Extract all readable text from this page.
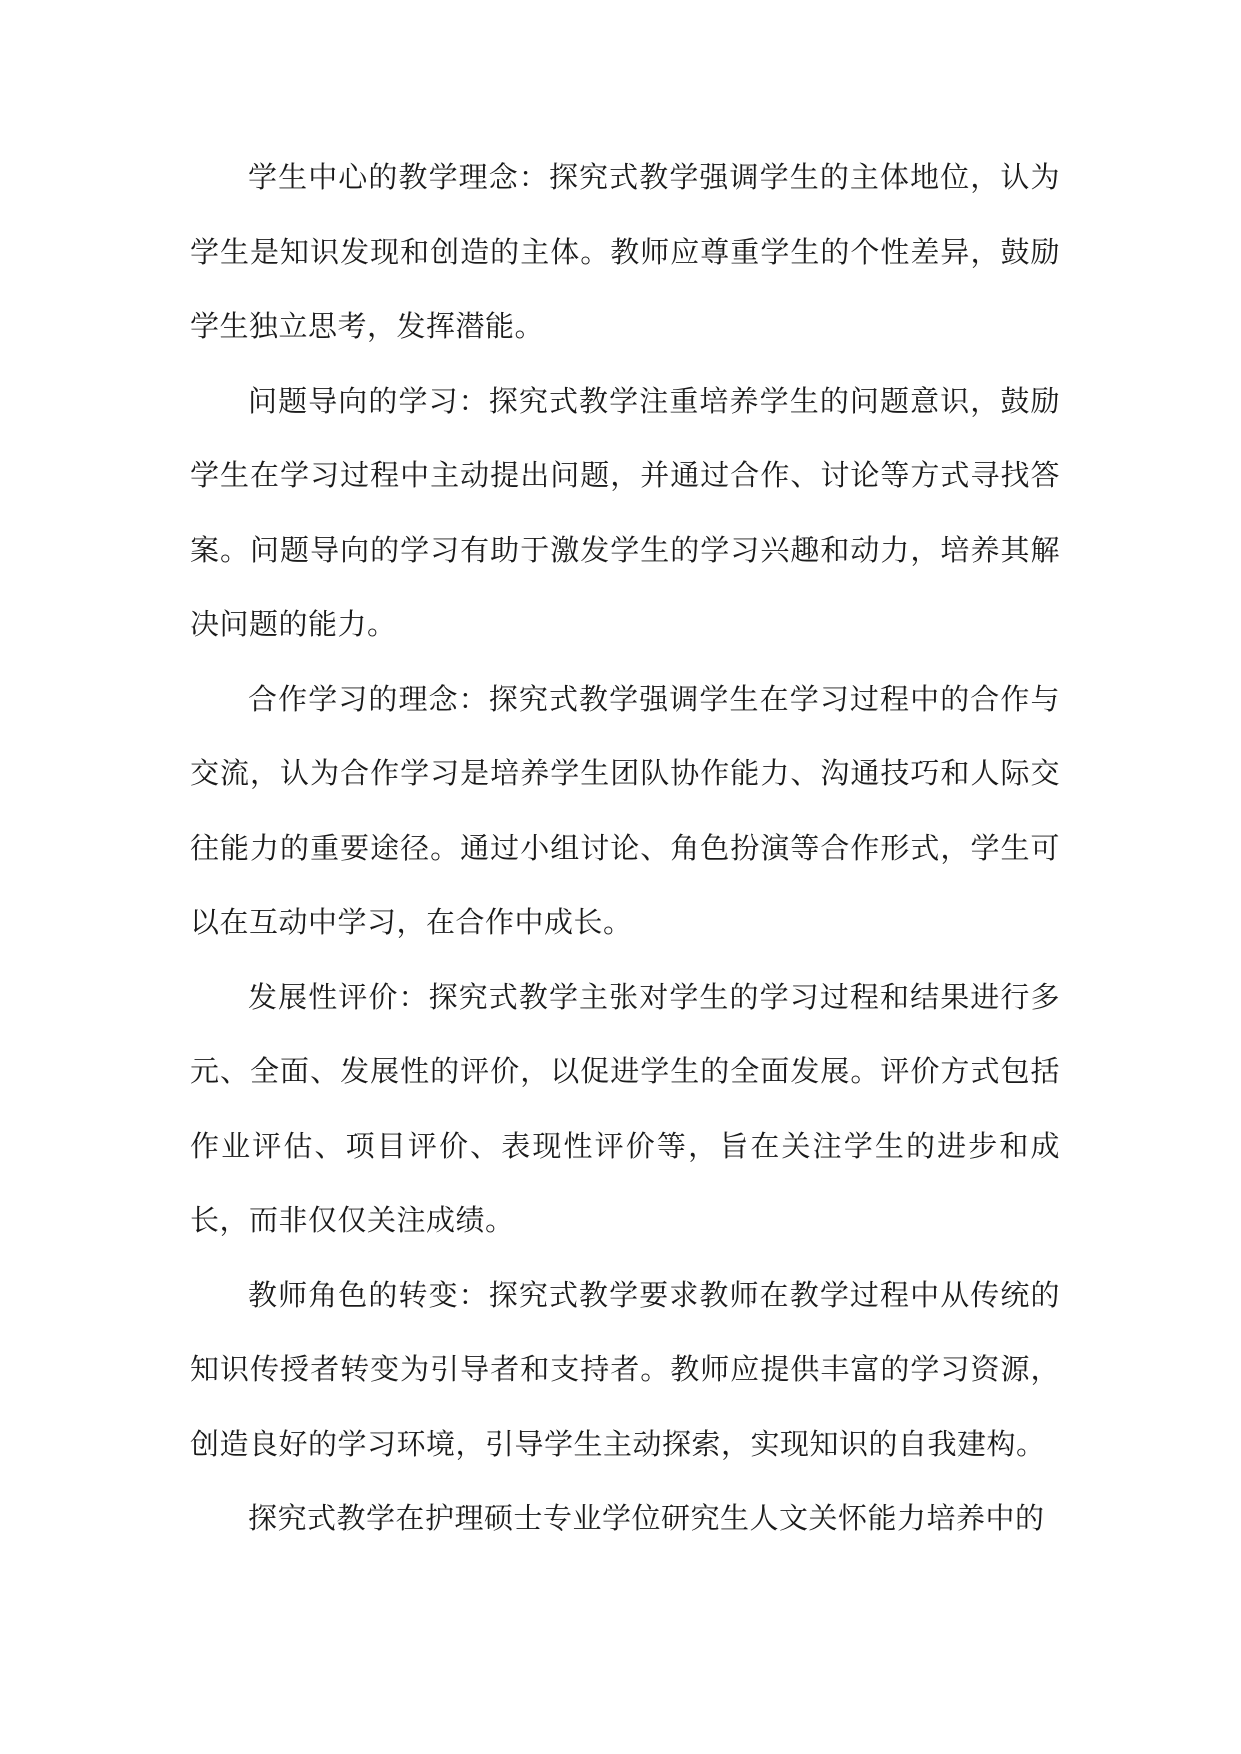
学生中心的教学理念：探究式教学强调学生的主体地位，认为学生是知识发现和创造的主体。教师应尊重学生的个性差异，鼓励学生独立思考，发挥潜能。

问题导向的学习：探究式教学注重培养学生的问题意识，鼓励学生在学习过程中主动提出问题，并通过合作、讨论等方式寻找答案。问题导向的学习有助于激发学生的学习兴趣和动力，培养其解决问题的能力。

合作学习的理念：探究式教学强调学生在学习过程中的合作与交流，认为合作学习是培养学生团队协作能力、沟通技巧和人际交往能力的重要途径。通过小组讨论、角色扮演等合作形式，学生可以在互动中学习，在合作中成长。

发展性评价：探究式教学主张对学生的学习过程和结果进行多元、全面、发展性的评价，以促进学生的全面发展。评价方式包括作业评估、项目评价、表现性评价等，旨在关注学生的进步和成长，而非仅仅关注成绩。

教师角色的转变：探究式教学要求教师在教学过程中从传统的知识传授者转变为引导者和支持者。教师应提供丰富的学习资源，创造良好的学习环境，引导学生主动探索，实现知识的自我建构。

探究式教学在护理硕士专业学位研究生人文关怀能力培养中的
